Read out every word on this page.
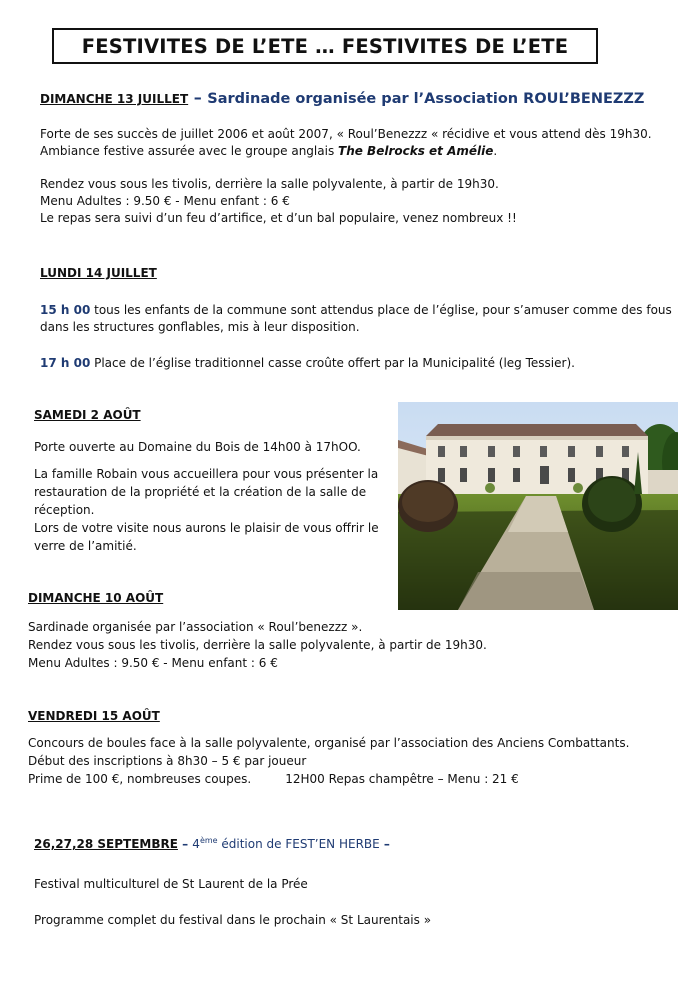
FESTIVITES DE L’ETE … FESTIVITES DE L’ETE
DIMANCHE 13 JUILLET – Sardinade organisée par l’Association ROUL’BENEZZZ
Forte de ses succès de juillet 2006 et août 2007, « Roul’Benezzz « récidive et vous attend dès 19h30.
Ambiance festive assurée avec le groupe anglais The Belrocks et Amélie.
Rendez vous sous les tivolis, derrière la salle polyvalente, à partir de 19h30.
Menu Adultes : 9.50 € - Menu enfant : 6 €
Le repas sera suivi d’un feu d’artifice, et d’un bal populaire, venez nombreux !!
LUNDI 14 JUILLET
15 h 00 tous les enfants de la commune sont attendus place de l’église, pour s’amuser comme des fous
dans les structures gonflables, mis à leur disposition.
17 h 00 Place de l’église traditionnel casse croûte offert par la Municipalité (leg Tessier).
SAMEDI 2 AOÛT
Porte ouverte au Domaine du Bois de 14h00 à 17hOO.
La famille Robain vous accueillera pour vous présenter la
restauration de la propriété et la création de la salle de
réception.
Lors de votre visite nous aurons le plaisir de vous offrir le
verre de l’amitié.
DIMANCHE 10 AOÛT
Sardinade organisée par l’association « Roul’benezzz ».
Rendez vous sous les tivolis, derrière la salle polyvalente, à partir de 19h30.
Menu Adultes : 9.50 € - Menu enfant : 6 €
VENDREDI 15 AOÛT
Concours de boules face à la salle polyvalente, organisé par l’association des Anciens Combattants.
Début des inscriptions à 8h30 – 5 € par joueur
Prime de 100 €, nombreuses coupes.	12H00 Repas champêtre – Menu : 21 €
26,27,28 SEPTEMBRE – 4ème édition de FEST’EN HERBE –
Festival multiculturel de St Laurent de la Prée
Programme complet du festival dans le prochain « St Laurentais »
